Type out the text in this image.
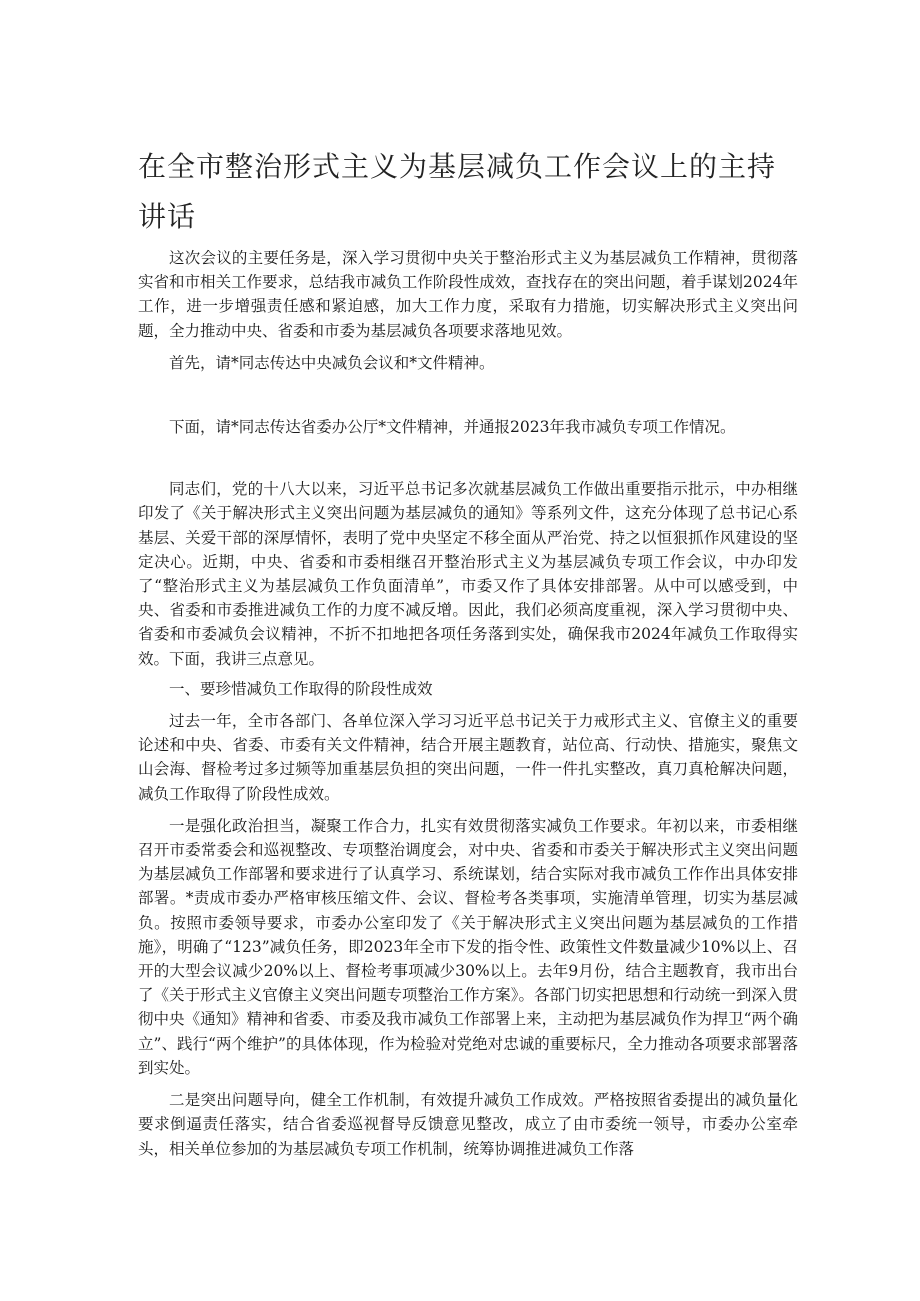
在全市整治形式主义为基层减负工作会议上的主持
讲话

这次会议的主要任务是，深入学习贯彻中央关于整治形式主义为基层减负工作精神，贯彻落实省和市相关工作要求，总结我市减负工作阶段性成效，查找存在的突出问题，着手谋划2024年工作，进一步增强责任感和紧迫感，加大工作力度，采取有力措施，切实解决形式主义突出问题，全力推动中央、省委和市委为基层减负各项要求落地见效。

首先，请*同志传达中央减负会议和*文件精神。

下面，请*同志传达省委办公厅*文件精神，并通报2023年我市减负专项工作情况。

同志们，党的十八大以来，习近平总书记多次就基层减负工作做出重要指示批示，中办相继印发了《关于解决形式主义突出问题为基层减负的通知》等系列文件，这充分体现了总书记心系基层、关爱干部的深厚情怀，表明了党中央坚定不移全面从严治党、持之以恒狠抓作风建设的坚定决心。近期，中央、省委和市委相继召开整治形式主义为基层减负专项工作会议，中办印发了“整治形式主义为基层减负工作负面清单”，市委又作了具体安排部署。从中可以感受到，中央、省委和市委推进减负工作的力度不减反增。因此，我们必须高度重视，深入学习贯彻中央、省委和市委减负会议精神，不折不扣地把各项任务落到实处，确保我市2024年减负工作取得实效。下面，我讲三点意见。

一、要珍惜减负工作取得的阶段性成效

过去一年，全市各部门、各单位深入学习习近平总书记关于力戒形式主义、官僚主义的重要论述和中央、省委、市委有关文件精神，结合开展主题教育，站位高、行动快、措施实，聚焦文山会海、督检考过多过频等加重基层负担的突出问题，一件一件扎实整改，真刀真枪解决问题，减负工作取得了阶段性成效。

一是强化政治担当，凝聚工作合力，扎实有效贯彻落实减负工作要求。年初以来，市委相继召开市委常委会和巡视整改、专项整治调度会，对中央、省委和市委关于解决形式主义突出问题为基层减负工作部署和要求进行了认真学习、系统谋划，结合实际对我市减负工作作出具体安排部署。*责成市委办严格审核压缩文件、会议、督检考各类事项，实施清单管理，切实为基层减负。按照市委领导要求，市委办公室印发了《关于解决形式主义突出问题为基层减负的工作措施》，明确了“123”减负任务，即2023年全市下发的指令性、政策性文件数量减少10%以上、召开的大型会议减少20%以上、督检考事项减少30%以上。去年9月份，结合主题教育，我市出台了《关于形式主义官僚主义突出问题专项整治工作方案》。各部门切实把思想和行动统一到深入贯彻中央《通知》精神和省委、市委及我市减负工作部署上来，主动把为基层减负作为捍卫“两个确立”、践行“两个维护”的具体体现，作为检验对党绝对忠诚的重要标尺，全力推动各项要求部署落到实处。

二是突出问题导向，健全工作机制，有效提升减负工作成效。严格按照省委提出的减负量化要求倒逼责任落实，结合省委巡视督导反馈意见整改，成立了由市委统一领导，市委办公室牵头，相关单位参加的为基层减负专项工作机制，统筹协调推进减负工作落
